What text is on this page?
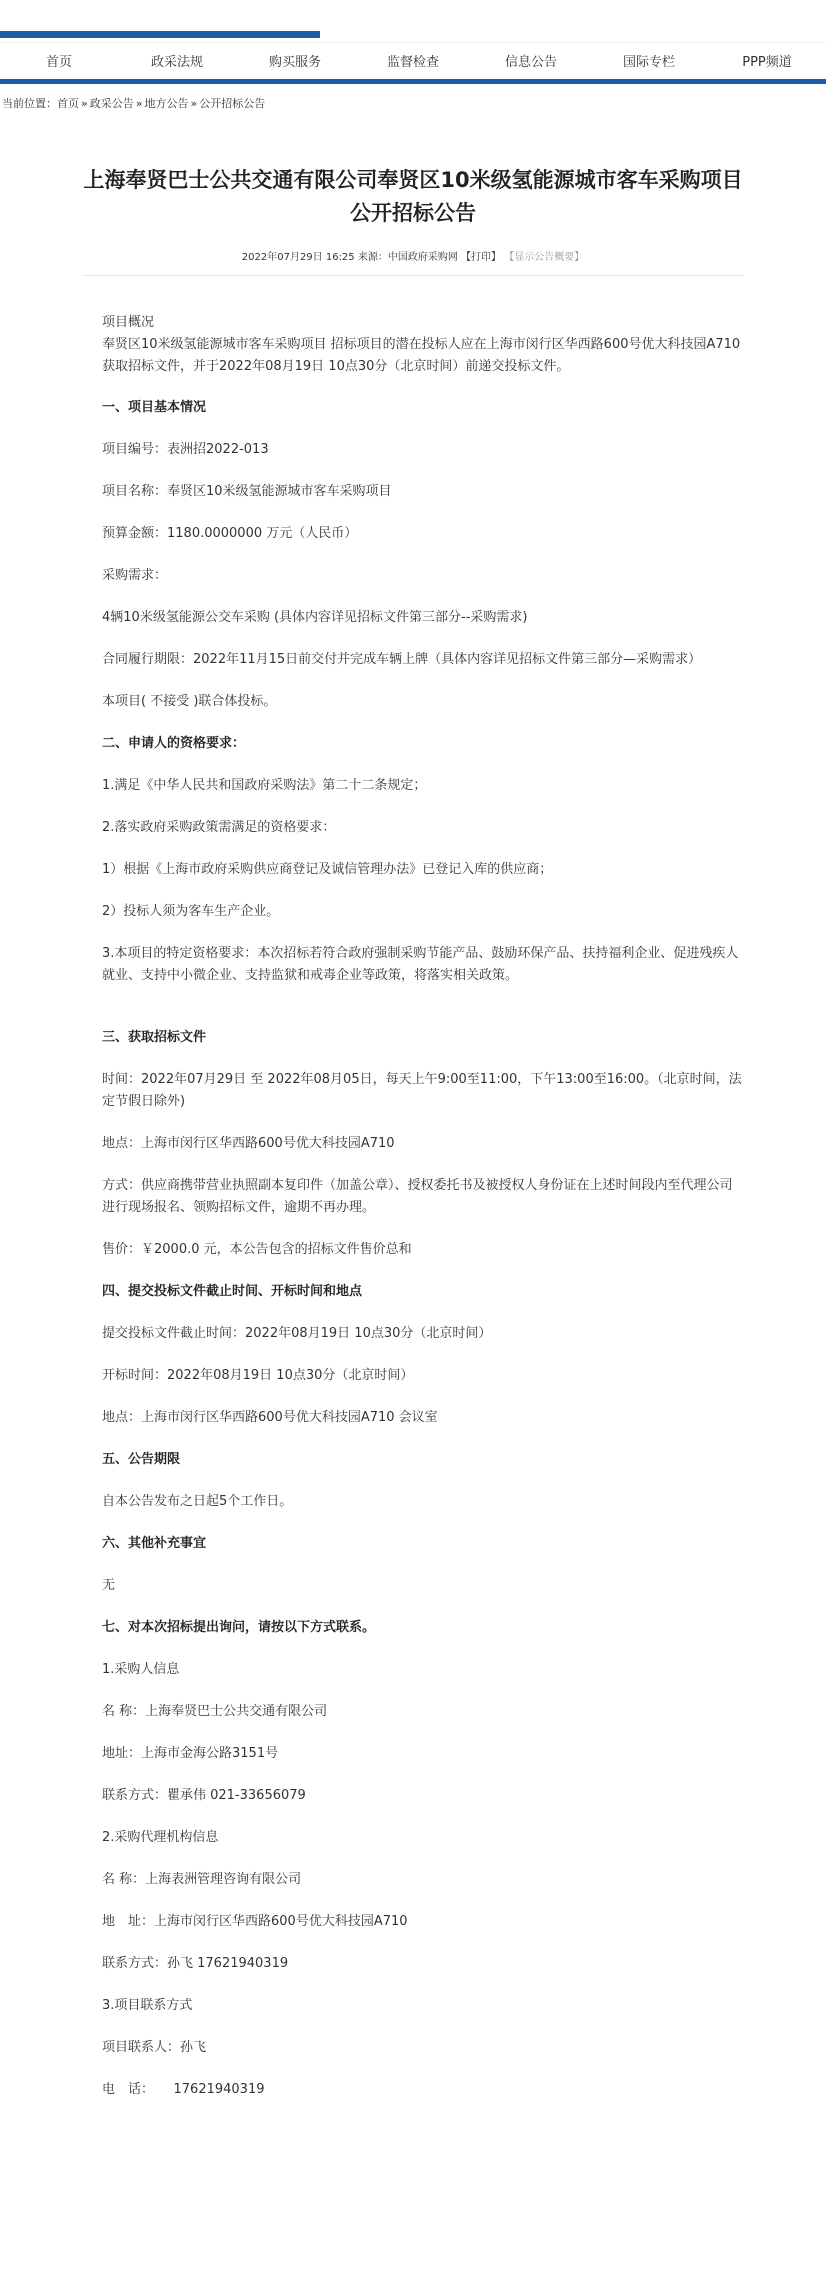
首页	政采法规	购买服务	监督检查	信息公告	国际专栏	PPP频道
当前位置： 首页 » 政采公告 » 地方公告 » 公开招标公告
上海奉贤巴士公共交通有限公司奉贤区10米级氢能源城市客车采购项目公开招标公告
2022年07月29日 16:25 来源：中国政府采购网 【打印】 【显示公告概要】

项目概况

奉贤区10米级氢能源城市客车采购项目 招标项目的潜在投标人应在上海市闵行区华西路600号优大科技园A710获取招标文件，并于2022年08月19日 10点30分（北京时间）前递交投标文件。

一、项目基本情况

项目编号：表洲招2022-013

项目名称：奉贤区10米级氢能源城市客车采购项目

预算金额：1180.0000000 万元（人民币）

采购需求：

4辆10米级氢能源公交车采购 (具体内容详见招标文件第三部分--采购需求)

合同履行期限：2022年11月15日前交付并完成车辆上牌（具体内容详见招标文件第三部分—采购需求）

本项目( 不接受 )联合体投标。

二、申请人的资格要求：

1.满足《中华人民共和国政府采购法》第二十二条规定；

2.落实政府采购政策需满足的资格要求：

1）根据《上海市政府采购供应商登记及诚信管理办法》已登记入库的供应商；

2）投标人须为客车生产企业。

3.本项目的特定资格要求：本次招标若符合政府强制采购节能产品、鼓励环保产品、扶持福利企业、促进残疾人就业、支持中小微企业、支持监狱和戒毒企业等政策，将落实相关政策。

三、获取招标文件

时间：2022年07月29日 至 2022年08月05日，每天上午9:00至11:00，下午13:00至16:00。（北京时间，法定节假日除外)

地点：上海市闵行区华西路600号优大科技园A710

方式：供应商携带营业执照副本复印件（加盖公章）、授权委托书及被授权人身份证在上述时间段内至代理公司进行现场报名、领购招标文件，逾期不再办理。

售价：￥2000.0 元，本公告包含的招标文件售价总和

四、提交投标文件截止时间、开标时间和地点

提交投标文件截止时间：2022年08月19日 10点30分（北京时间）

开标时间：2022年08月19日 10点30分（北京时间）

地点：上海市闵行区华西路600号优大科技园A710 会议室

五、公告期限

自本公告发布之日起5个工作日。

六、其他补充事宜

无

七、对本次招标提出询问，请按以下方式联系。

1.采购人信息

名 称：上海奉贤巴士公共交通有限公司

地址：上海市金海公路3151号

联系方式：瞿承伟 021-33656079

2.采购代理机构信息

名 称：上海表洲管理咨询有限公司

地　址：上海市闵行区华西路600号优大科技园A710

联系方式：孙飞 17621940319

3.项目联系方式

项目联系人：孙飞

电　话：　　17621940319
